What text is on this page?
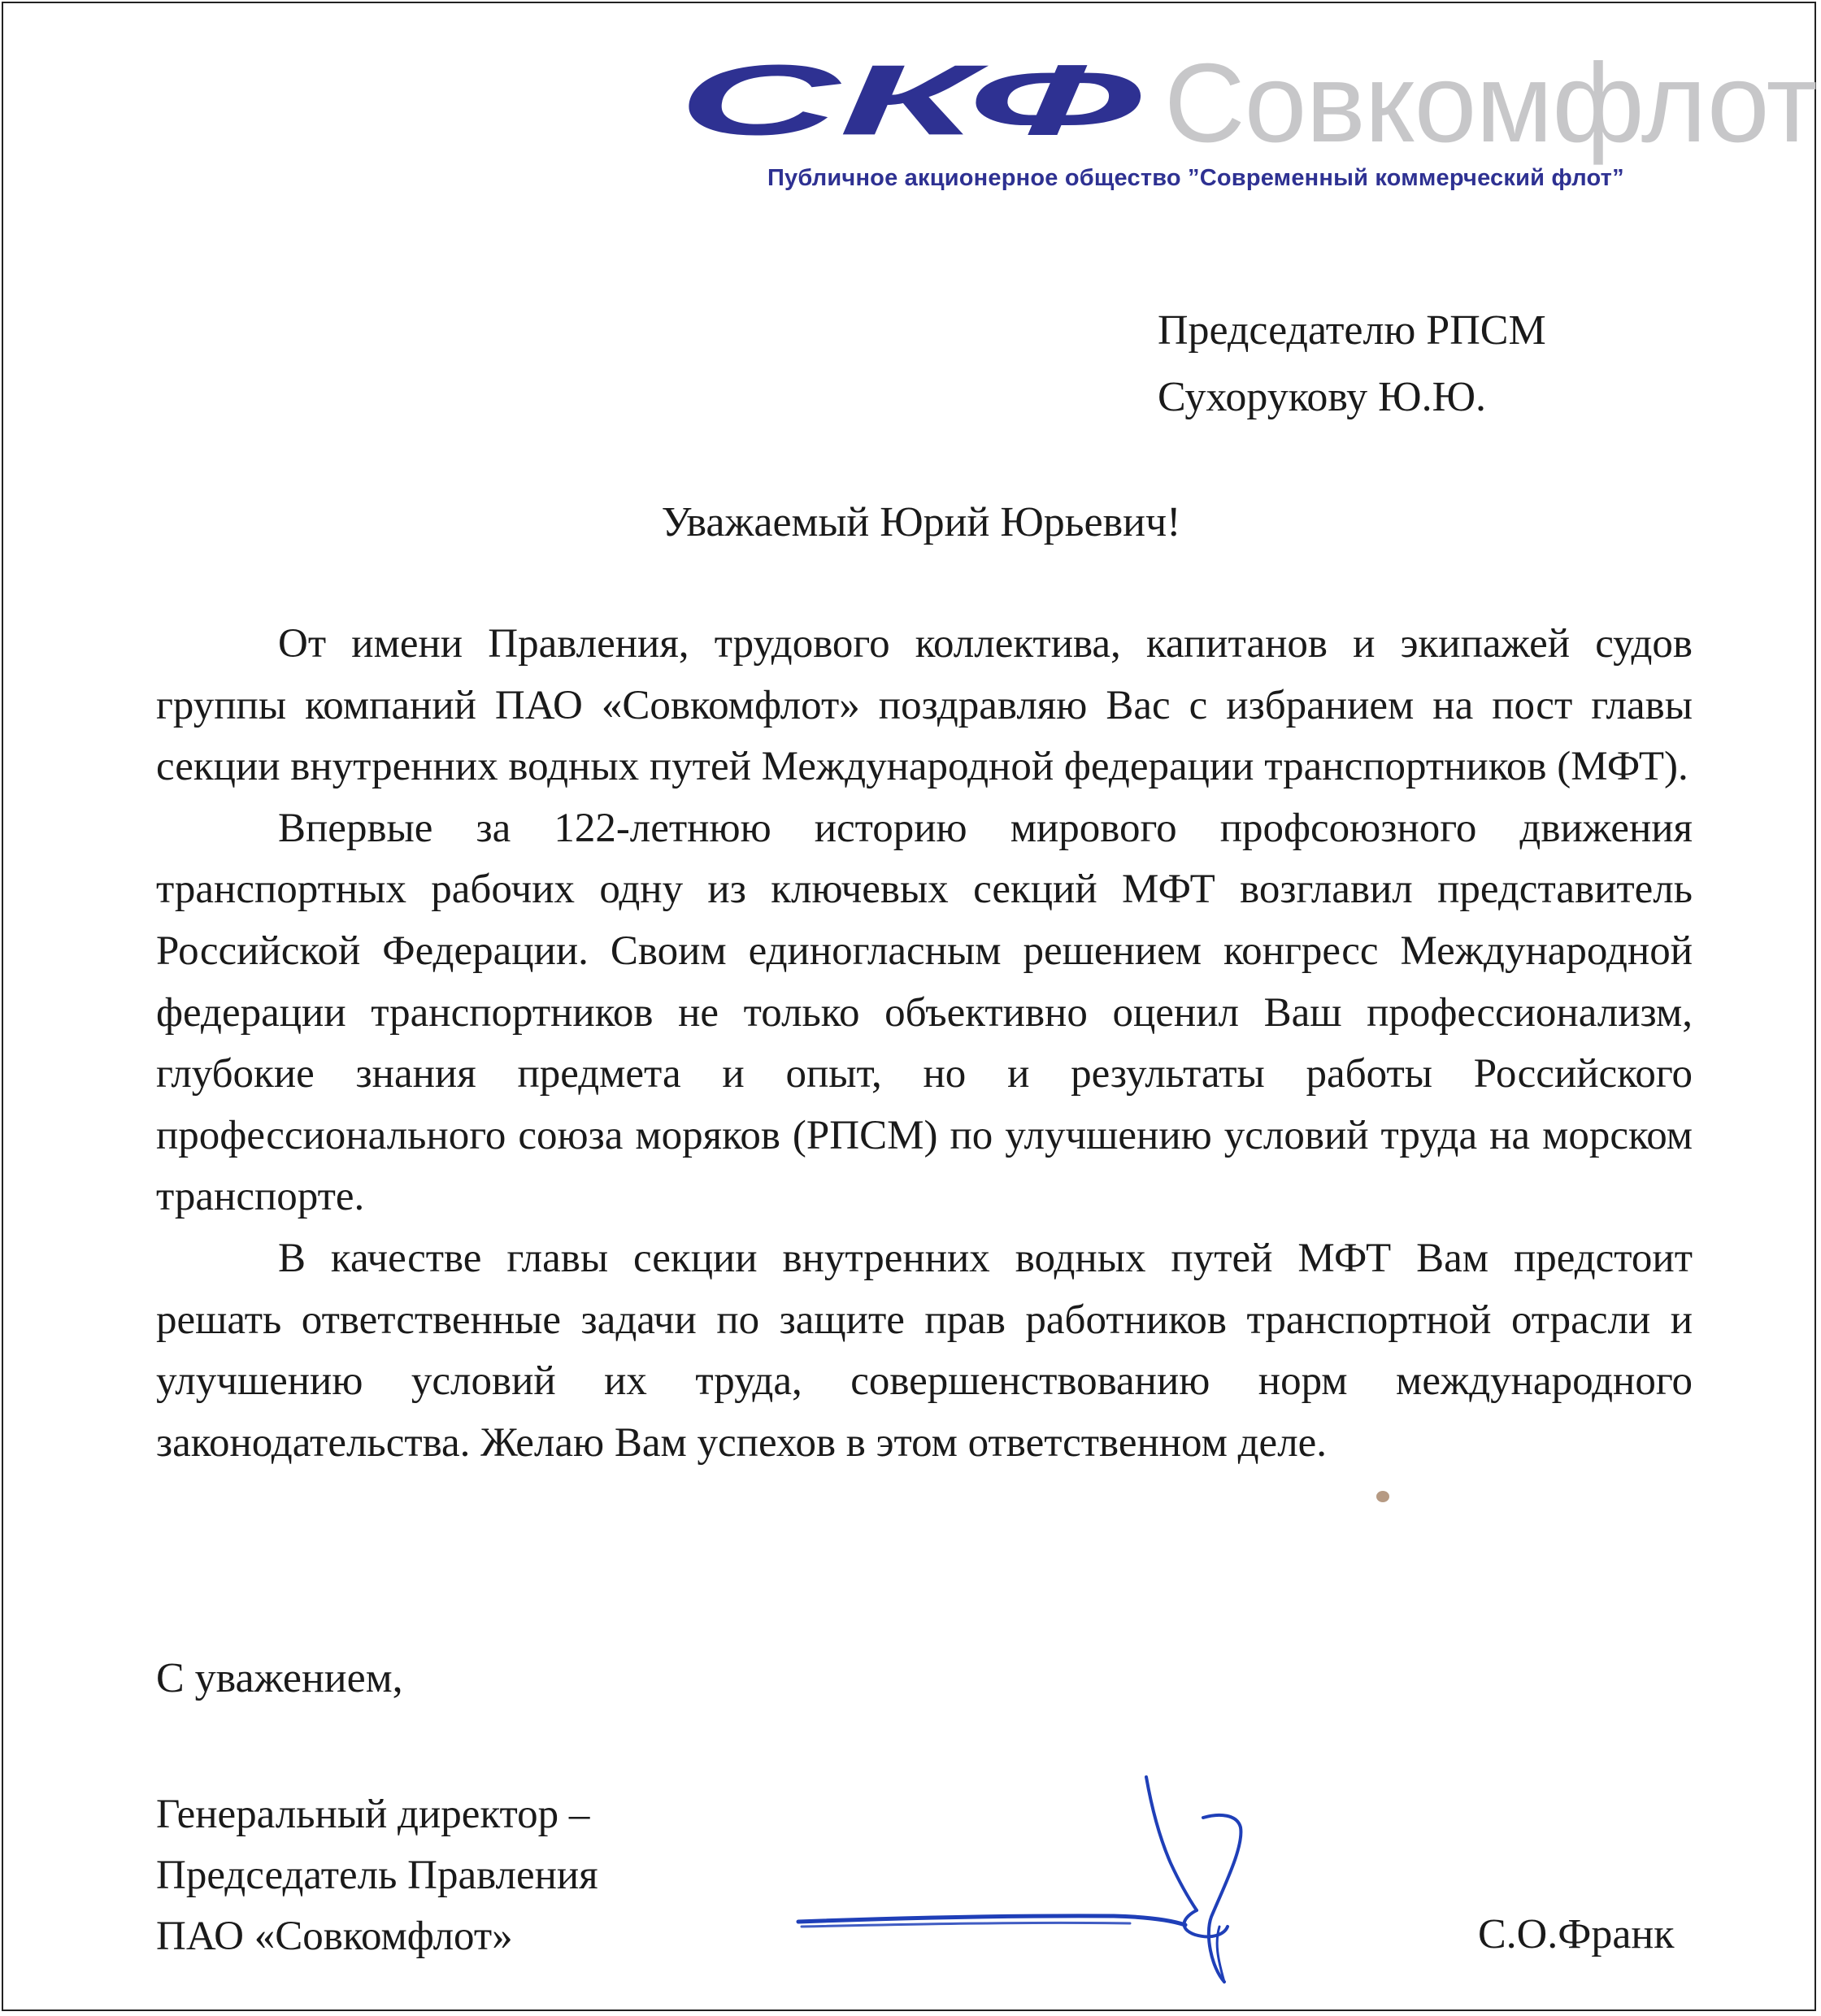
СКФ Совкомфлот
Публичное акционерное общество ”Современный коммерческий флот”
Председателю РПСМ
Сухорукову Ю.Ю.
Уважаемый Юрий Юрьевич!

От имени Правления, трудового коллектива, капитанов и экипажей судов группы компаний ПАО «Совкомфлот» поздравляю Вас с избранием на пост главы секции внутренних водных путей Международной федерации транспортников (МФТ).

Впервые за 122-летнюю историю мирового профсоюзного движения транспортных рабочих одну из ключевых секций МФТ возглавил представитель Российской Федерации. Своим единогласным решением конгресс Международной федерации транспортников не только объективно оценил Ваш профессионализм, глубокие знания предмета и опыт, но и результаты работы Российского профессионального союза моряков (РПСМ) по улучшению условий труда на морском транспорте.

В качестве главы секции внутренних водных путей МФТ Вам предстоит решать ответственные задачи по защите прав работников транспортной отрасли и улучшению условий их труда, совершенствованию норм международного законодательства. Желаю Вам успехов в этом ответственном деле.

С уважением,
Генеральный директор –
Председатель Правления
ПАО «Совкомфлот»	С.О.Франк
